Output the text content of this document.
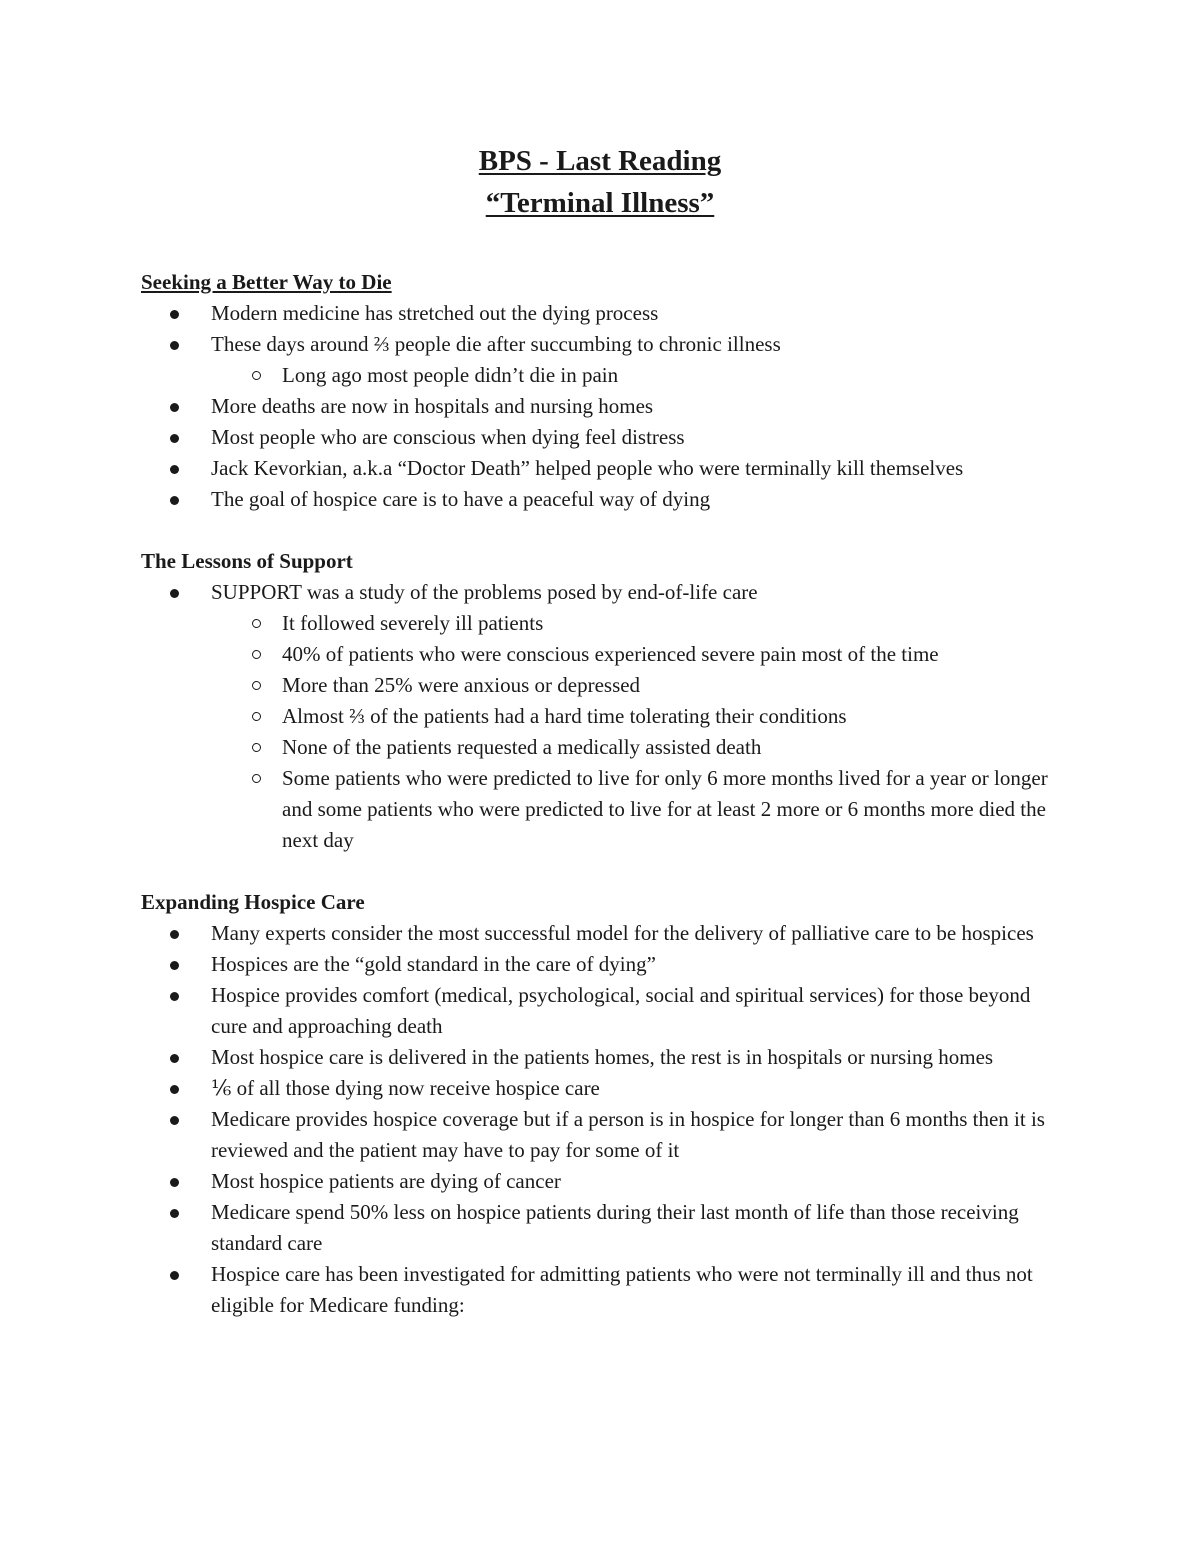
BPS - Last Reading
“Terminal Illness”

Seeking a Better Way to Die

Modern medicine has stretched out the dying process
These days around ⅔ people die after succumbing to chronic illness
Long ago most people didn’t die in pain
More deaths are now in hospitals and nursing homes
Most people who are conscious when dying feel distress
Jack Kevorkian, a.k.a “Doctor Death” helped people who were terminally kill themselves
The goal of hospice care is to have a peaceful way of dying

The Lessons of Support

SUPPORT was a study of the problems posed by end-of-life care
It followed severely ill patients
40% of patients who were conscious experienced severe pain most of the time
More than 25% were anxious or depressed
Almost ⅔ of the patients had a hard time tolerating their conditions
None of the patients requested a medically assisted death
Some patients who were predicted to live for only 6 more months lived for a year or longer and some patients who were predicted to live for at least 2 more or 6 months more died the next day

Expanding Hospice Care

Many experts consider the most successful model for the delivery of palliative care to be hospices
Hospices are the “gold standard in the care of dying”
Hospice provides comfort (medical, psychological, social and spiritual services) for those beyond cure and approaching death
Most hospice care is delivered in the patients homes, the rest is in hospitals or nursing homes
⅙ of all those dying now receive hospice care
Medicare provides hospice coverage but if a person is in hospice for longer than 6 months then it is reviewed and the patient may have to pay for some of it
Most hospice patients are dying of cancer
Medicare spend 50% less on hospice patients during their last month of life than those receiving standard care
Hospice care has been investigated for admitting patients who were not terminally ill and thus not eligible for Medicare funding:
